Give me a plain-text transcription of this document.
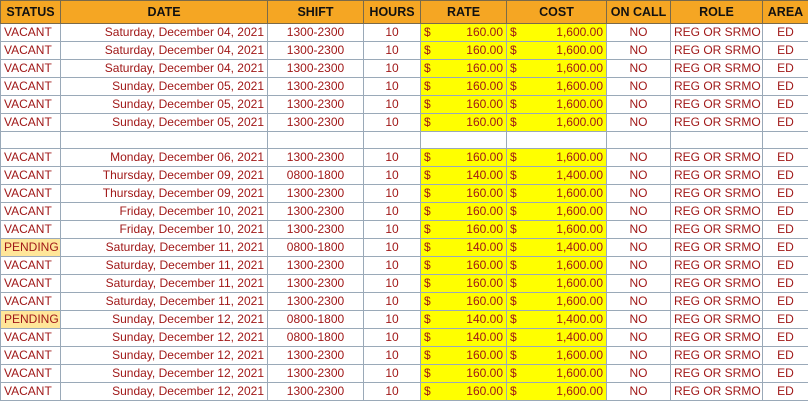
STATUS	DATE	SHIFT	HOURS	RATE	COST	ON CALL	ROLE	AREA
VACANT	Saturday, December 04, 2021	1300-2300	10	$ 160.00	$ 1,600.00	NO	REG OR SRMO	ED
VACANT	Saturday, December 04, 2021	1300-2300	10	$ 160.00	$ 1,600.00	NO	REG OR SRMO	ED
VACANT	Saturday, December 04, 2021	1300-2300	10	$ 160.00	$ 1,600.00	NO	REG OR SRMO	ED
VACANT	Sunday, December 05, 2021	1300-2300	10	$ 160.00	$ 1,600.00	NO	REG OR SRMO	ED
VACANT	Sunday, December 05, 2021	1300-2300	10	$ 160.00	$ 1,600.00	NO	REG OR SRMO	ED
VACANT	Sunday, December 05, 2021	1300-2300	10	$ 160.00	$ 1,600.00	NO	REG OR SRMO	ED

VACANT	Monday, December 06, 2021	1300-2300	10	$ 160.00	$ 1,600.00	NO	REG OR SRMO	ED
VACANT	Thursday, December 09, 2021	0800-1800	10	$ 140.00	$ 1,400.00	NO	REG OR SRMO	ED
VACANT	Thursday, December 09, 2021	1300-2300	10	$ 160.00	$ 1,600.00	NO	REG OR SRMO	ED
VACANT	Friday, December 10, 2021	1300-2300	10	$ 160.00	$ 1,600.00	NO	REG OR SRMO	ED
VACANT	Friday, December 10, 2021	1300-2300	10	$ 160.00	$ 1,600.00	NO	REG OR SRMO	ED
PENDING	Saturday, December 11, 2021	0800-1800	10	$ 140.00	$ 1,400.00	NO	REG OR SRMO	ED
VACANT	Saturday, December 11, 2021	1300-2300	10	$ 160.00	$ 1,600.00	NO	REG OR SRMO	ED
VACANT	Saturday, December 11, 2021	1300-2300	10	$ 160.00	$ 1,600.00	NO	REG OR SRMO	ED
VACANT	Saturday, December 11, 2021	1300-2300	10	$ 160.00	$ 1,600.00	NO	REG OR SRMO	ED
PENDING	Sunday, December 12, 2021	0800-1800	10	$ 140.00	$ 1,400.00	NO	REG OR SRMO	ED
VACANT	Sunday, December 12, 2021	0800-1800	10	$ 140.00	$ 1,400.00	NO	REG OR SRMO	ED
VACANT	Sunday, December 12, 2021	1300-2300	10	$ 160.00	$ 1,600.00	NO	REG OR SRMO	ED
VACANT	Sunday, December 12, 2021	1300-2300	10	$ 160.00	$ 1,600.00	NO	REG OR SRMO	ED
VACANT	Sunday, December 12, 2021	1300-2300	10	$ 160.00	$ 1,600.00	NO	REG OR SRMO	ED
